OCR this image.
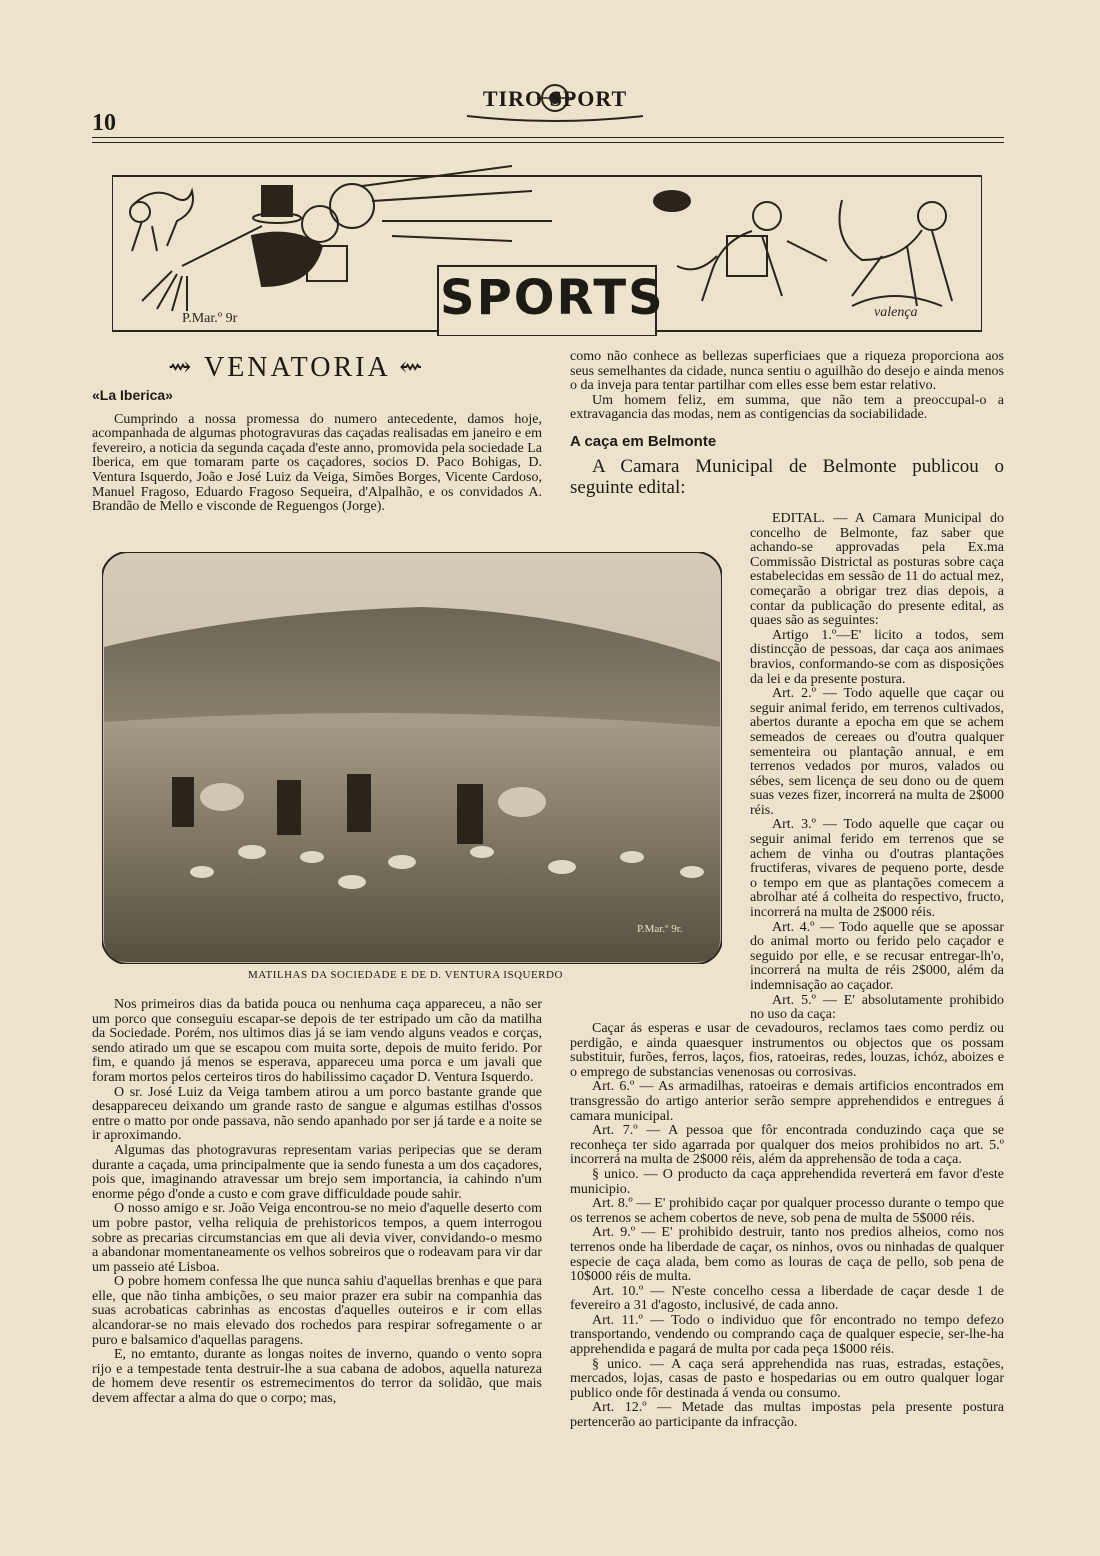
10
TIRO SPORT
P.Mar.º 9r	valença
SPORTS
⇝ VENATORIA ⇜
«La Iberica»

Cumprindo a nossa promessa do numero antecedente, damos hoje, acompanhada de algumas photogravuras das caçadas realisadas em janeiro e em fevereiro, a noticia da segunda caçada d'este anno, promovida pela sociedade La Iberica, em que tomaram parte os caçadores, socios D. Paco Bohigas, D. Ventura Isquerdo, João e José Luiz da Veiga, Simões Borges, Vicente Cardoso, Manuel Fragoso, Eduardo Fragoso Sequeira, d'Alpalhão, e os convidados A. Brandão de Mello e visconde de Reguengos (Jorge).

P.Mar.º 9r.
MATILHAS DA SOCIEDADE E DE D. VENTURA ISQUERDO

Nos primeiros dias da batida pouca ou nenhuma caça appareceu, a não ser um porco que conseguiu escapar-se depois de ter estripado um cão da matilha da Sociedade. Porém, nos ultimos dias já se iam vendo alguns veados e corças, sendo atirado um que se escapou com muita sorte, depois de muito ferido. Por fim, e quando já menos se esperava, appareceu uma porca e um javali que foram mortos pelos certeiros tiros do habilissimo caçador D. Ventura Isquerdo.

O sr. José Luiz da Veiga tambem atirou a um porco bastante grande que desappareceu deixando um grande rasto de sangue e algumas estilhas d'ossos entre o matto por onde passava, não sendo apanhado por ser já tarde e a noite se ir aproximando.

Algumas das photogravuras representam varias peripecias que se deram durante a caçada, uma principalmente que ia sendo funesta a um dos caçadores, pois que, imaginando atravessar um brejo sem importancia, ia cahindo n'um enorme pégo d'onde a custo e com grave difficuldade poude sahir.

O nosso amigo e sr. João Veiga encontrou-se no meio d'aquelle deserto com um pobre pastor, velha reliquia de prehistoricos tempos, a quem interrogou sobre as precarias circumstancias em que ali devia viver, convidando-o mesmo a abandonar momentaneamente os velhos sobreiros que o rodeavam para vir dar um passeio até Lisboa.

O pobre homem confessa lhe que nunca sahiu d'aquellas brenhas e que para elle, que não tinha ambições, o seu maior prazer era subir na companhia das suas acrobaticas cabrinhas as encostas d'aquelles outeiros e ir com ellas alcandorar-se no mais elevado dos rochedos para respirar sofregamente o ar puro e balsamico d'aquellas paragens.

E, no emtanto, durante as longas noites de inverno, quando o vento sopra rijo e a tempestade tenta destruir-lhe a sua cabana de adobos, aquella natureza de homem deve resentir os estremecimentos do terror da solidão, que mais devem affectar a alma do que o corpo; mas,

como não conhece as bellezas superficiaes que a riqueza proporciona aos seus semelhantes da cidade, nunca sentiu o aguilhão do desejo e ainda menos o da inveja para tentar partilhar com elles esse bem estar relativo.

Um homem feliz, em summa, que não tem a preoccupal-o a extravagancia das modas, nem as contigencias da sociabilidade.

A caça em Belmonte

A Camara Municipal de Belmonte publicou o seguinte edital:

EDITAL. — A Camara Municipal do concelho de Belmonte, faz saber que achando-se approvadas pela Ex.ma Commissão Districtal as posturas sobre caça estabelecidas em sessão de 11 do actual mez, começarão a obrigar trez dias depois, a contar da publicação do presente edital, as quaes são as seguintes:

Artigo 1.º—E' licito a todos, sem distincção de pessoas, dar caça aos animaes bravios, conformando-se com as disposições da lei e da presente postura.

Art. 2.º — Todo aquelle que caçar ou seguir animal ferido, em terrenos cultivados, abertos durante a epocha em que se achem semeados de cereaes ou d'outra qualquer sementeira ou plantação annual, e em terrenos vedados por muros, valados ou sébes, sem licença de seu dono ou de quem suas vezes fizer, incorrerá na multa de 2$000 réis.

Art. 3.º — Todo aquelle que caçar ou seguir animal ferido em terrenos que se achem de vinha ou d'outras plantações fructiferas, vivares de pequeno porte, desde o tempo em que as plantações comecem a abrolhar até á colheita do respectivo, fructo, incorrerá na multa de 2$000 réis.

Art. 4.º — Todo aquelle que se apossar do animal morto ou ferido pelo caçador e seguido por elle, e se recusar entregar-lh'o, incorrerá na multa de réis 2$000, além da indemnisação ao caçador.

Art. 5.º — E' absolutamente prohibido no uso da caça:

Caçar ás esperas e usar de cevadouros, reclamos taes como perdiz ou perdigão, e ainda quaesquer instrumentos ou objectos que os possam substituir, furões, ferros, laços, fios, ratoeiras, redes, louzas, ichóz, aboizes e o emprego de substancias venenosas ou corrosivas.

Art. 6.º — As armadilhas, ratoeiras e demais artificios encontrados em transgressão do artigo anterior serão sempre apprehendidos e entregues á camara municipal.

Art. 7.º — A pessoa que fôr encontrada conduzindo caça que se reconheça ter sido agarrada por qualquer dos meios prohibidos no art. 5.º incorrerá na multa de 2$000 réis, além da apprehensão de toda a caça.

§ unico. — O producto da caça apprehendida reverterá em favor d'este municipio.

Art. 8.º — E' prohibido caçar por qualquer processo durante o tempo que os terrenos se achem cobertos de neve, sob pena de multa de 5$000 réis.

Art. 9.º — E' prohibido destruir, tanto nos predios alheios, como nos terrenos onde ha liberdade de caçar, os ninhos, ovos ou ninhadas de qualquer especie de caça alada, bem como as louras de caça de pello, sob pena de 10$000 réis de multa.

Art. 10.º — N'este concelho cessa a liberdade de caçar desde 1 de fevereiro a 31 d'agosto, inclusivé, de cada anno.

Art. 11.º — Todo o individuo que fôr encontrado no tempo defezo transportando, vendendo ou comprando caça de qualquer especie, ser-lhe-ha apprehendida e pagará de multa por cada peça 1$000 réis.

§ unico. — A caça será apprehendida nas ruas, estradas, estações, mercados, lojas, casas de pasto e hospedarias ou em outro qualquer logar publico onde fôr destinada á venda ou consumo.

Art. 12.º — Metade das multas impostas pela presente postura pertencerão ao participante da infracção.
